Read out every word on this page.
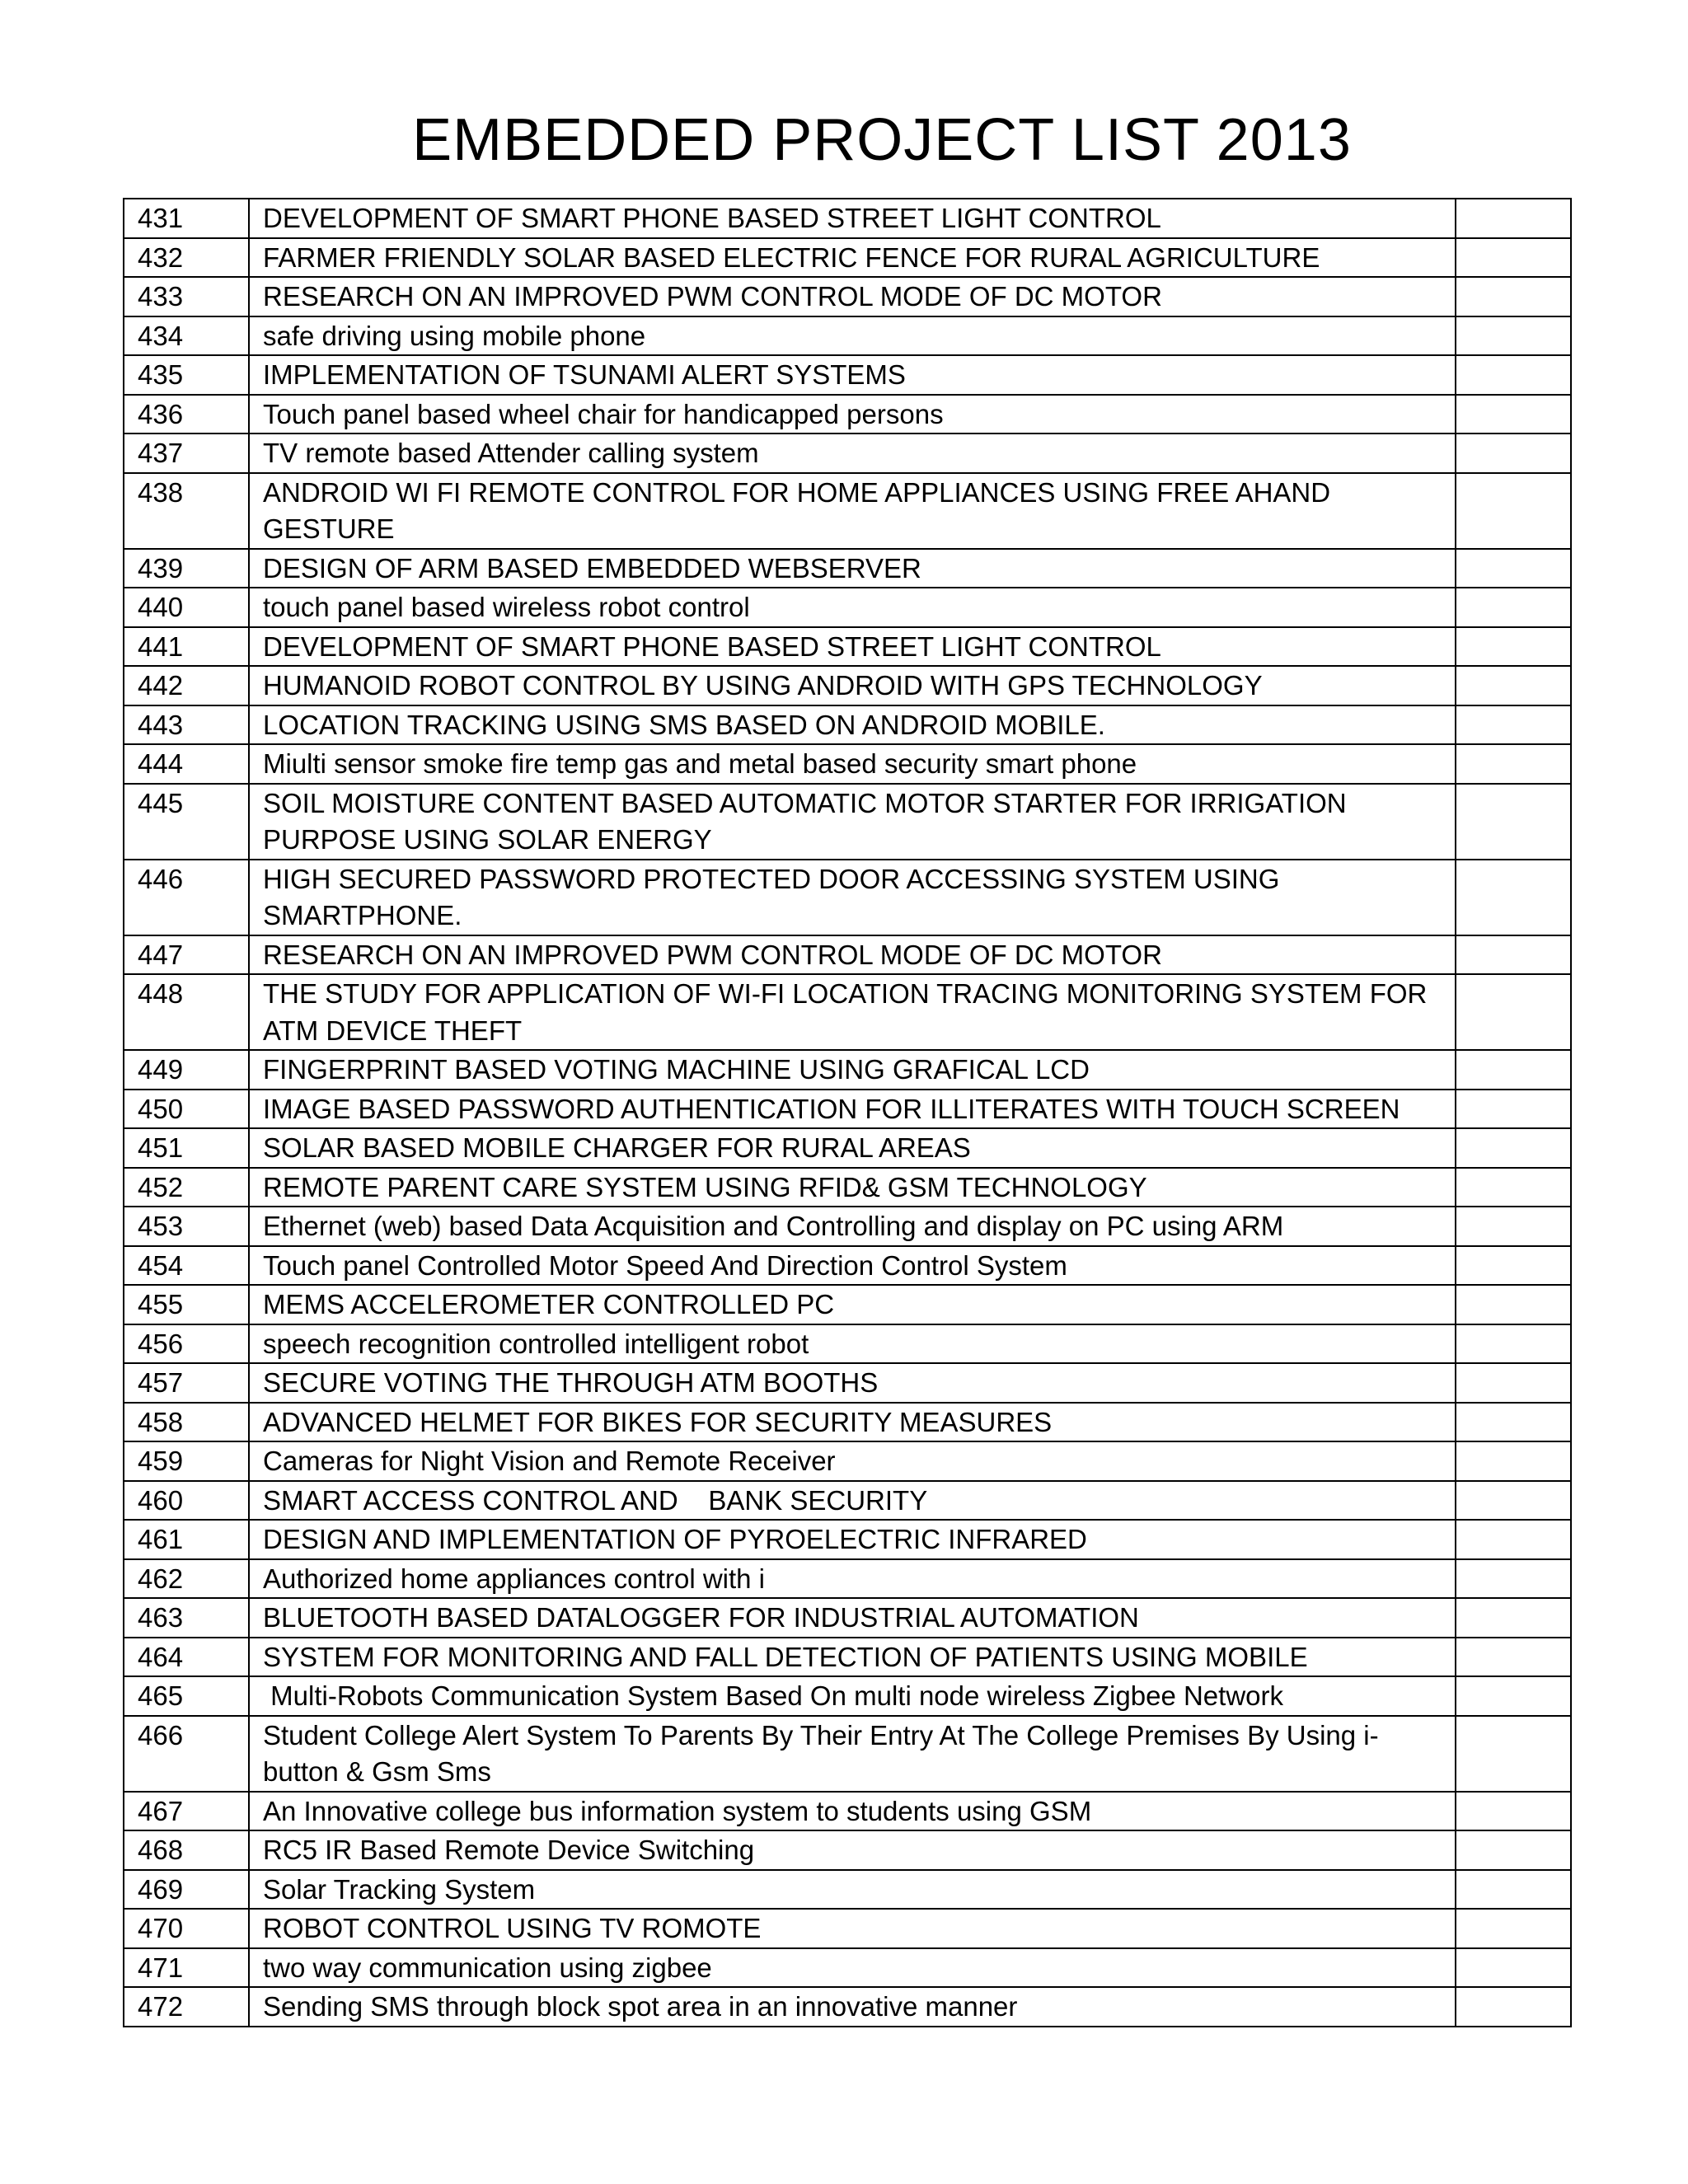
EMBEDDED PROJECT LIST 2013
431	DEVELOPMENT OF SMART PHONE BASED STREET LIGHT CONTROL	
432	FARMER FRIENDLY SOLAR BASED ELECTRIC FENCE FOR RURAL AGRICULTURE	
433	RESEARCH ON AN IMPROVED PWM CONTROL MODE OF DC MOTOR	
434	safe driving using mobile phone	
435	IMPLEMENTATION OF TSUNAMI ALERT SYSTEMS	
436	Touch panel based wheel chair for handicapped persons	
437	TV remote based Attender calling system	
438	ANDROID WI FI REMOTE CONTROL FOR HOME APPLIANCES USING FREE AHAND GESTURE	
439	DESIGN OF ARM BASED EMBEDDED WEBSERVER	
440	touch panel based wireless robot control	
441	DEVELOPMENT OF SMART PHONE BASED STREET LIGHT CONTROL	
442	HUMANOID ROBOT CONTROL BY USING ANDROID WITH GPS TECHNOLOGY	
443	LOCATION TRACKING USING SMS BASED ON ANDROID MOBILE.	
444	Miulti sensor smoke fire temp gas and metal based security smart phone	
445	SOIL MOISTURE CONTENT BASED AUTOMATIC MOTOR STARTER FOR IRRIGATION PURPOSE USING SOLAR ENERGY	
446	HIGH SECURED PASSWORD PROTECTED DOOR ACCESSING SYSTEM USING SMARTPHONE.	
447	RESEARCH ON AN IMPROVED PWM CONTROL MODE OF DC MOTOR	
448	THE STUDY FOR APPLICATION OF WI-FI LOCATION TRACING MONITORING SYSTEM FOR ATM DEVICE THEFT	
449	FINGERPRINT BASED VOTING MACHINE USING GRAFICAL LCD	
450	IMAGE BASED PASSWORD AUTHENTICATION FOR ILLITERATES WITH TOUCH SCREEN	
451	SOLAR BASED MOBILE CHARGER FOR RURAL AREAS	
452	REMOTE PARENT CARE SYSTEM USING RFID& GSM TECHNOLOGY	
453	Ethernet (web) based Data Acquisition and Controlling and display on PC using ARM	
454	Touch panel Controlled Motor Speed And Direction Control System	
455	MEMS ACCELEROMETER CONTROLLED PC	
456	speech recognition controlled intelligent robot	
457	SECURE VOTING THE THROUGH ATM BOOTHS	
458	ADVANCED HELMET FOR BIKES FOR SECURITY MEASURES	
459	Cameras for Night Vision and Remote Receiver	
460	SMART ACCESS CONTROL AND    BANK SECURITY	
461	DESIGN AND IMPLEMENTATION OF PYROELECTRIC INFRARED	
462	Authorized home appliances control with i	
463	BLUETOOTH BASED DATALOGGER FOR INDUSTRIAL AUTOMATION	
464	SYSTEM FOR MONITORING AND FALL DETECTION OF PATIENTS USING MOBILE	
465	Multi-Robots Communication System Based On multi node wireless Zigbee Network	
466	Student College Alert System To Parents By Their Entry At The College Premises By Using i-button & Gsm Sms	
467	An Innovative college bus information system to students using GSM	
468	RC5 IR Based Remote Device Switching	
469	Solar Tracking System	
470	ROBOT CONTROL USING TV ROMOTE	
471	two way communication using zigbee	
472	Sending SMS through block spot area in an innovative manner	
